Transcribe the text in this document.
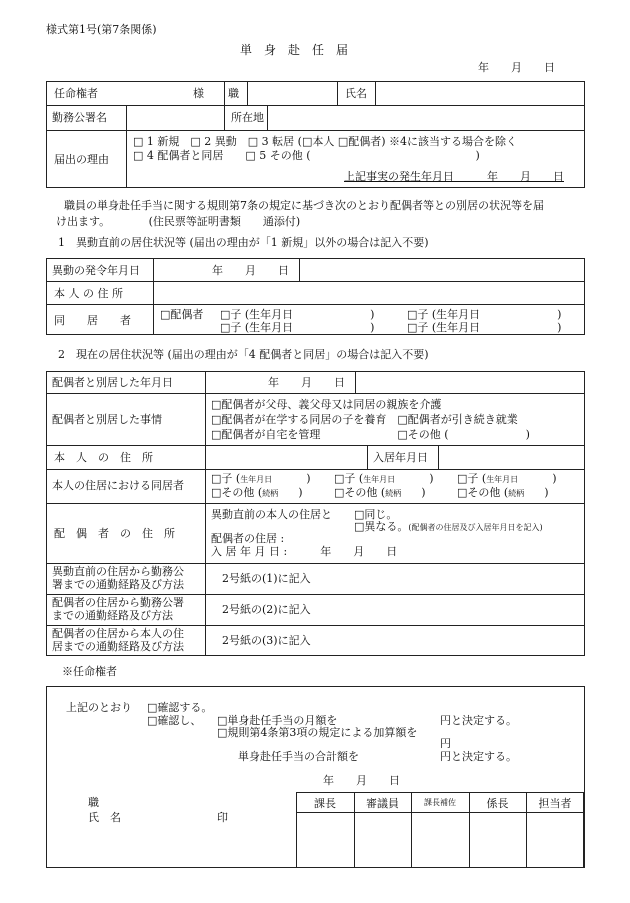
様式第1号(第7条関係)
単　身　赴　任　届
年　　月　　日
任命権者	様 職	氏名
勤務公署名	所在地
届出の理由
□ 1 新規　□ 2 異動　□ 3 転居 (□本人 □配偶者) ※4に該当する場合を除く
□ 4 配偶者と同居　　□ 5 その他 (　　　　　　　　　　　　　　　)
上記事実の発生年月日　　　年　　月　　日
職員の単身赴任手当に関する規則第7条の規定に基づき次のとおり配偶者等との別居の状況等を届
け出ます。　　　　(住民票等証明書類　　通添付)
1　異動直前の居住状況等 (届出の理由が「1 新規」以外の場合は記入不要)
異動の発令年月日	年　　月　　日
本 人 の 住 所
同　　居　　者	□配偶者 □子 (生年月日　　　　　　　)
□子 (生年月日　　　　　　　)
□子 (生年月日　　　　　　　)
□子 (生年月日　　　　　　　)
2　現在の居住状況等 (届出の理由が「4 配偶者と同居」の場合は記入不要)
配偶者と別居した年月日	年　　月　　日
配偶者と別居した事情
□配偶者が父母、義父母又は同居の親族を介護
□配偶者が在学する同居の子を養育　□配偶者が引き続き就業
□配偶者が自宅を管理　　　　　　　□その他 (　　　　　　　)
本　人　の　住　所	入居年月日
本人の住居における同居者
□子 (生年月日	) □子 (生年月日	) □子 (生年月日	)
□その他 (続柄 )	□その他 (続柄 )	□その他 (続柄 )
配　偶　者　の　住　所
異動直前の本人の住居と □同じ。
□異なる。(配偶者の住居及び入居年月日を記入)
配偶者の住居 :
入 居 年 月 日 :　　　年　　月　　日
異動直前の住居から勤務公
署までの通勤経路及び方法	2号紙の(1)に記入
配偶者の住居から勤務公署
までの通勤経路及び方法	2号紙の(2)に記入
配偶者の住居から本人の住
居までの通勤経路及び方法	2号紙の(3)に記入
※任命権者
上記のとおり □確認する。
□確認し、 □単身赴任手当の月額を	円と決定する。
□規則第4条第3項の規定による加算額を
円
単身赴任手当の合計額を	円と決定する。
年　　月　　日
職
氏　名	印
課長	審議員	課長補佐	係長	担当者
